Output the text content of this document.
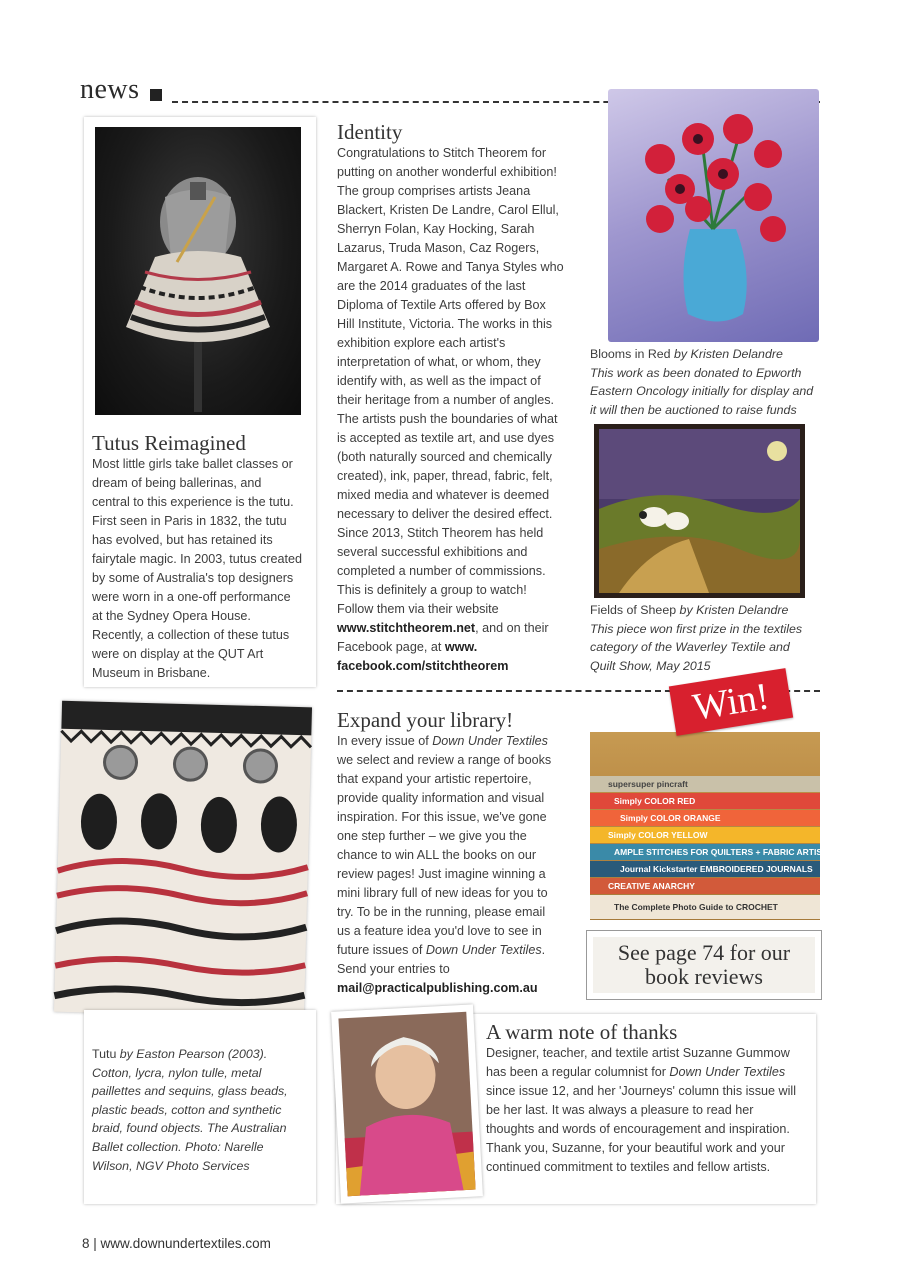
news
Tutus Reimagined
Most little girls take ballet classes or dream of being ballerinas, and central to this experience is the tutu. First seen in Paris in 1832, the tutu has evolved, but has retained its fairytale magic. In 2003, tutus created by some of Australia's top designers were worn in a one-off performance at the Sydney Opera House. Recently, a collection of these tutus were on display at the QUT Art Museum in Brisbane.
Tutu by Easton Pearson (2003). Cotton, lycra, nylon tulle, metal paillettes and sequins, glass beads, plastic beads, cotton and synthetic braid, found objects. The Australian Ballet collection. Photo: Narelle Wilson, NGV Photo Services
Identity
Congratulations to Stitch Theorem for putting on another wonderful exhibition! The group comprises artists Jeana Blackert, Kristen De Landre, Carol Ellul, Sherryn Folan, Kay Hocking, Sarah Lazarus, Truda Mason, Caz Rogers, Margaret A. Rowe and Tanya Styles who are the 2014 graduates of the last Diploma of Textile Arts offered by Box Hill Institute, Victoria. The works in this exhibition explore each artist's interpretation of what, or whom, they identify with, as well as the impact of their heritage from a number of angles. The artists push the boundaries of what is accepted as textile art, and use dyes (both naturally sourced and chemically created), ink, paper, thread, fabric, felt, mixed media and whatever is deemed necessary to deliver the desired effect. Since 2013, Stitch Theorem has held several successful exhibitions and completed a number of commissions. This is definitely a group to watch! Follow them via their website www.stitchtheorem.net, and on their Facebook page, at www. facebook.com/stitchtheorem
Blooms in Red by Kristen Delandre
This work as been donated to Epworth Eastern Oncology initially for display and it will then be auctioned to raise funds
Fields of Sheep by Kristen Delandre
This piece won first prize in the textiles category of the Waverley Textile and Quilt Show, May 2015
Expand your library!
In every issue of Down Under Textiles we select and review a range of books that expand your artistic repertoire, provide quality information and visual inspiration. For this issue, we've gone one step further – we give you the chance to win ALL the books on our review pages! Just imagine winning a mini library full of new ideas for you to try. To be in the running, please email us a feature idea you'd love to see in future issues of Down Under Textiles. Send your entries to
mail@practicalpublishing.com.au
supersuper pincraft
Simply COLOR RED
Simply COLOR ORANGE
Simply COLOR YELLOW
AMPLE STITCHES FOR QUILTERS + FABRIC ARTISTS Monk
Journal Kickstarter EMBROIDERED JOURNALS
CREATIVE ANARCHY
The Complete Photo Guide to CROCHET
Win!
See page 74 for our book reviews
A warm note of thanks
Designer, teacher, and textile artist Suzanne Gummow has been a regular columnist for Down Under Textiles since issue 12, and her 'Journeys' column this issue will be her last. It was always a pleasure to read her thoughts and words of encouragement and inspiration. Thank you, Suzanne, for your beautiful work and your continued commitment to textiles and fellow artists.
8 | www.downundertextiles.com
